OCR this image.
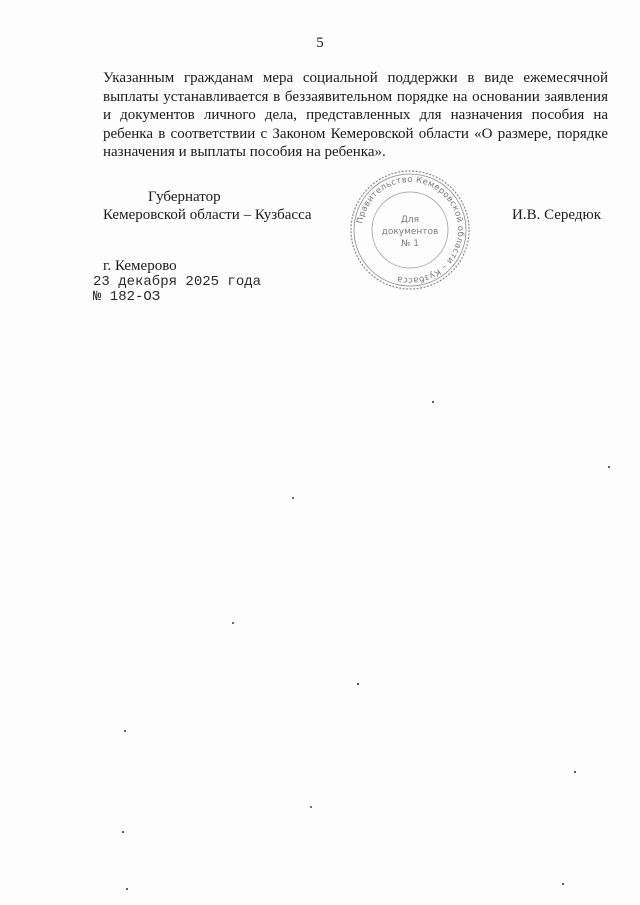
5
Указанным гражданам мера социальной поддержки в виде ежемесячной выплаты устанавливается в беззаявительном порядке на основании заявления и документов личного дела, представленных для назначения пособия на ребенка в соответствии с Законом Кемеровской области «О размере, порядке назначения и выплаты пособия на ребенка».
Губернатор
Кемеровской области – Кузбасса	И.В. Середюк
Правительство Кемеровской области – Кузбасса
Для
документов
№ 1
г. Кемерово
23 декабря 2025 года
№ 182-ОЗ
